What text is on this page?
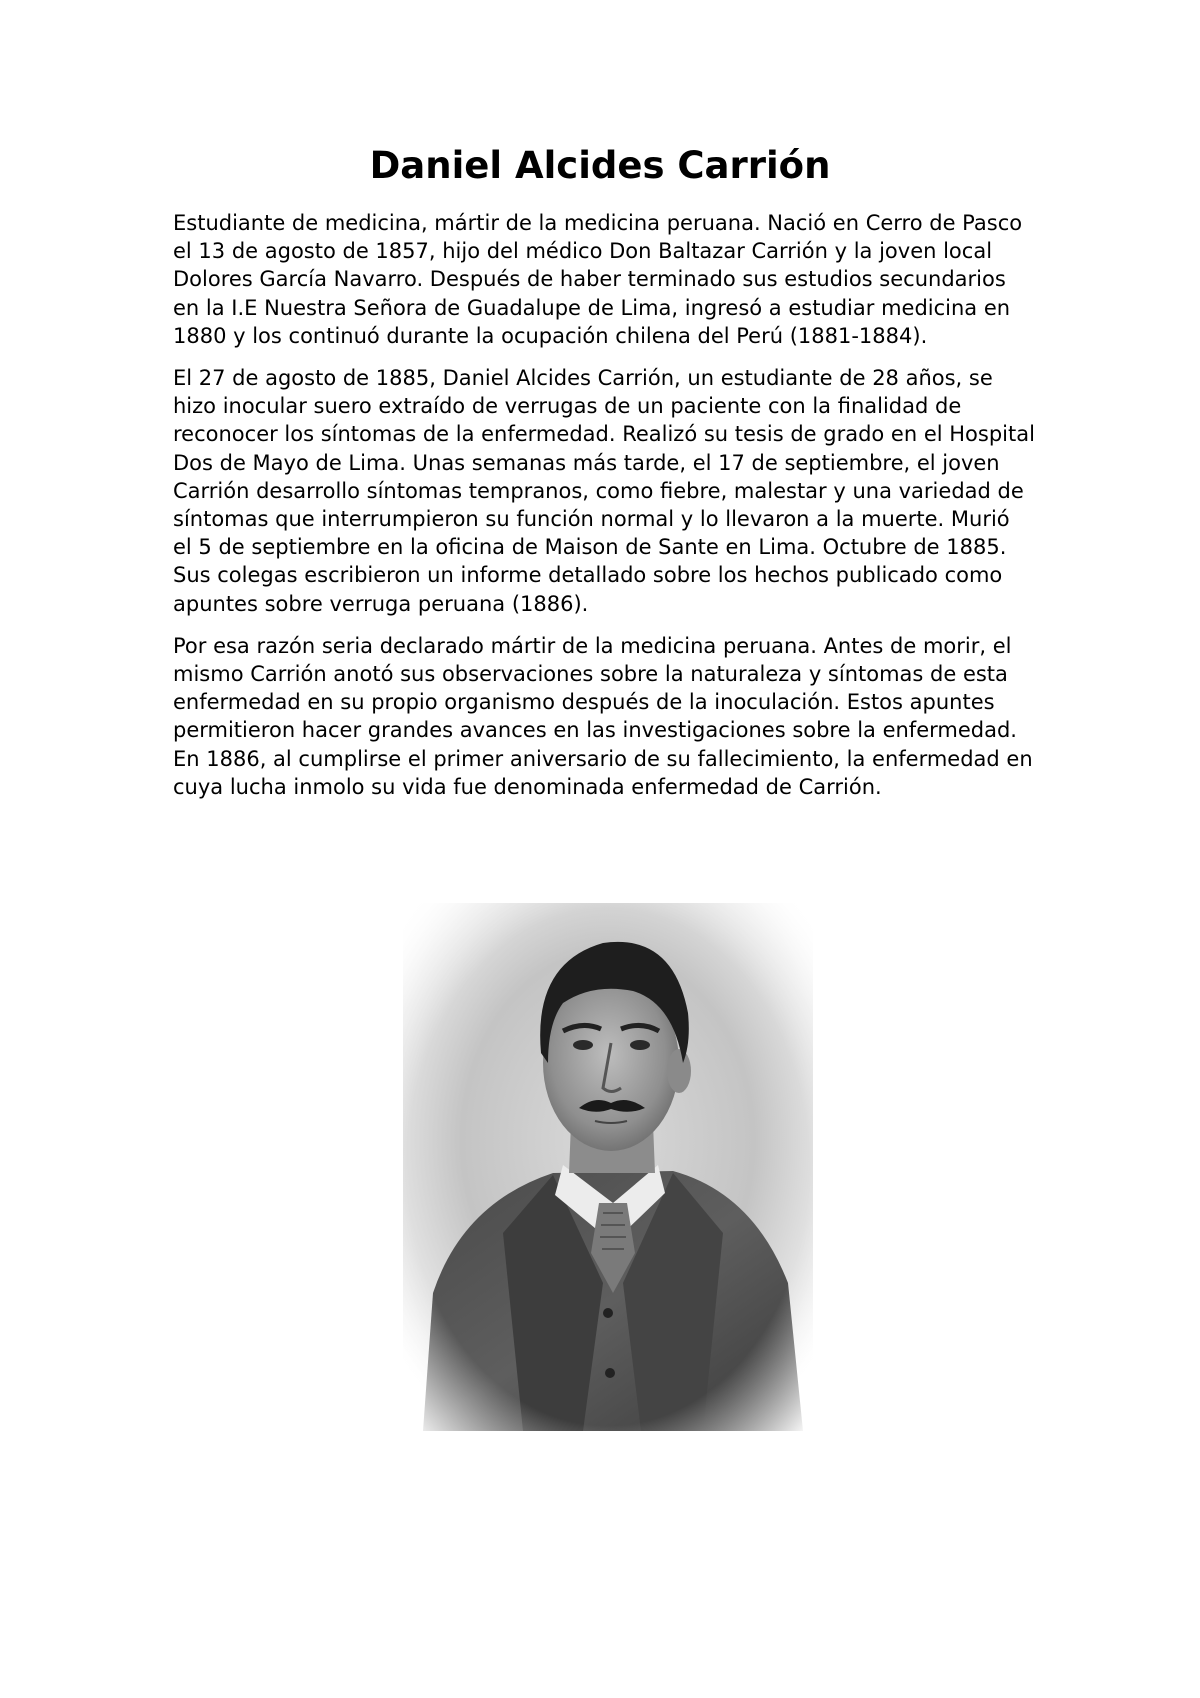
Daniel Alcides Carrión

Estudiante de medicina, mártir de la medicina peruana. Nació en Cerro de Pasco el 13 de agosto de 1857, hijo del médico Don Baltazar Carrión y la joven local Dolores García Navarro. Después de haber terminado sus estudios secundarios en la I.E Nuestra Señora de Guadalupe de Lima, ingresó a estudiar medicina en 1880 y los continuó durante la ocupación chilena del Perú (1881-1884).

El 27 de agosto de 1885, Daniel Alcides Carrión, un estudiante de 28 años, se hizo inocular suero extraído de verrugas de un paciente con la finalidad de reconocer los síntomas de la enfermedad. Realizó su tesis de grado en el Hospital Dos de Mayo de Lima. Unas semanas más tarde, el 17 de septiembre, el joven Carrión desarrollo síntomas tempranos, como fiebre, malestar y una variedad de síntomas que interrumpieron su función normal y lo llevaron a la muerte. Murió el 5 de septiembre en la oficina de Maison de Sante en Lima. Octubre de 1885. Sus colegas escribieron un informe detallado sobre los hechos publicado como apuntes sobre verruga peruana (1886).

Por esa razón seria declarado mártir de la medicina peruana. Antes de morir, el mismo Carrión anotó sus observaciones sobre la naturaleza y síntomas de esta enfermedad en su propio organismo después de la inoculación. Estos apuntes permitieron hacer grandes avances en las investigaciones sobre la enfermedad. En 1886, al cumplirse el primer aniversario de su fallecimiento, la enfermedad en cuya lucha inmolo su vida fue denominada enfermedad de Carrión.
